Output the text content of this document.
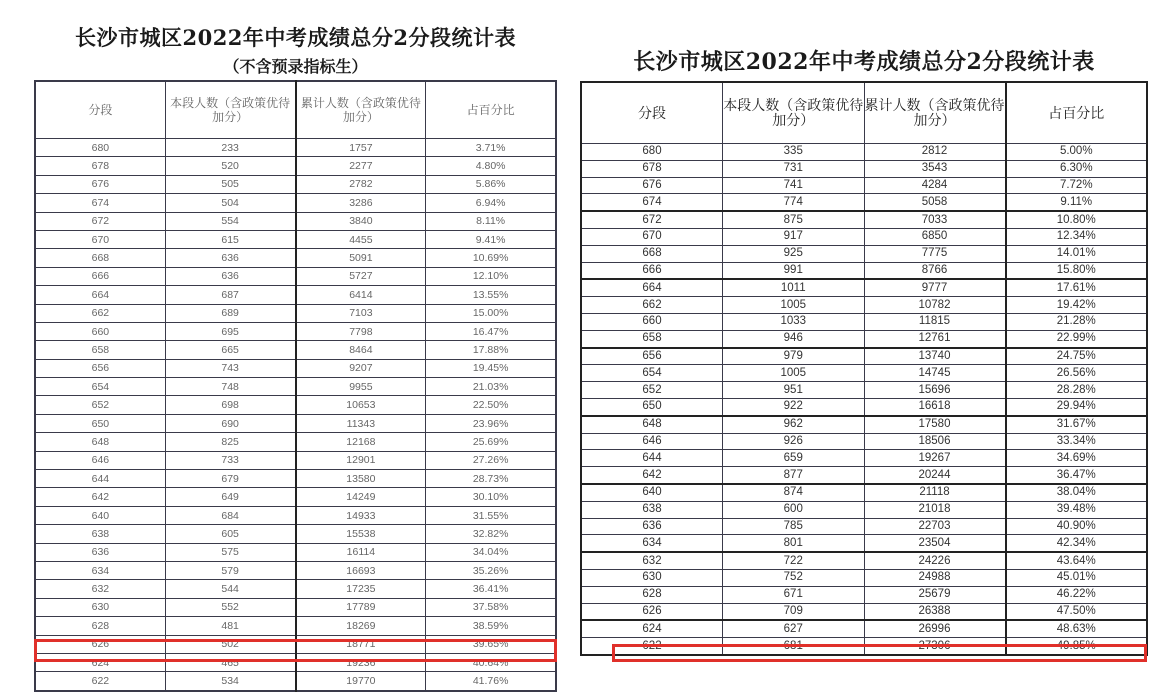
长沙市城区2022年中考成绩总分2分段统计表
（不含预录指标生）
分段	本段人数（含政策优待加分）	累计人数（含政策优待加分）	占百分比
680	233	1757	3.71%
678	520	2277	4.80%
676	505	2782	5.86%
674	504	3286	6.94%
672	554	3840	8.11%
670	615	4455	9.41%
668	636	5091	10.69%
666	636	5727	12.10%
664	687	6414	13.55%
662	689	7103	15.00%
660	695	7798	16.47%
658	665	8464	17.88%
656	743	9207	19.45%
654	748	9955	21.03%
652	698	10653	22.50%
650	690	11343	23.96%
648	825	12168	25.69%
646	733	12901	27.26%
644	679	13580	28.73%
642	649	14249	30.10%
640	684	14933	31.55%
638	605	15538	32.82%
636	575	16114	34.04%
634	579	16693	35.26%
632	544	17235	36.41%
630	552	17789	37.58%
628	481	18269	38.59%
626	502	18771	39.65%
624	465	19236	40.64%
622	534	19770	41.76%
长沙市城区2022年中考成绩总分2分段统计表
分段	本段人数（含政策优待加分）	累计人数（含政策优待加分）	占百分比
680	335	2812	5.00%
678	731	3543	6.30%
676	741	4284	7.72%
674	774	5058	9.11%
672	875	7033	10.80%
670	917	6850	12.34%
668	925	7775	14.01%
666	991	8766	15.80%
664	1011	9777	17.61%
662	1005	10782	19.42%
660	1033	11815	21.28%
658	946	12761	22.99%
656	979	13740	24.75%
654	1005	14745	26.56%
652	951	15696	28.28%
650	922	16618	29.94%
648	962	17580	31.67%
646	926	18506	33.34%
644	659	19267	34.69%
642	877	20244	36.47%
640	874	21118	38.04%
638	600	21018	39.48%
636	785	22703	40.90%
634	801	23504	42.34%
632	722	24226	43.64%
630	752	24988	45.01%
628	671	25679	46.22%
626	709	26388	47.50%
624	627	26996	48.63%
622	681	27306	49.85%
